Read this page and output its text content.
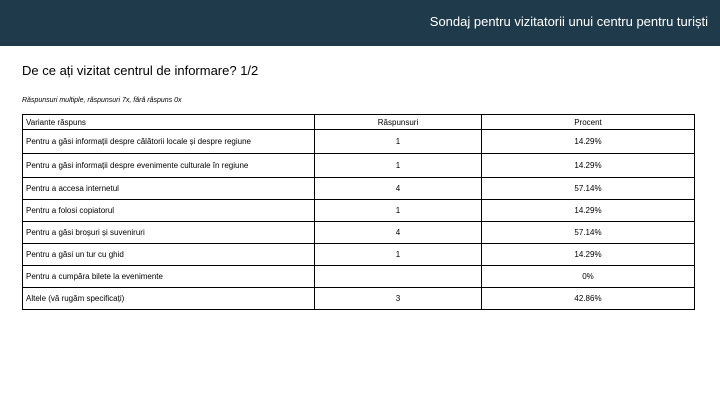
Sondaj pentru vizitatorii unui centru pentru turiști
De ce ați vizitat centrul de informare? 1/2
Răspunsuri multiple, răspunsuri 7x, fără răspuns 0x
Variante răspuns	Răspunsuri	Procent
Pentru a găsi informații despre călătorii locale și despre regiune	1	14.29%
Pentru a găsi informații despre evenimente culturale în regiune	1	14.29%
Pentru a accesa internetul	4	57.14%
Pentru a folosi copiatorul	1	14.29%
Pentru a găsi broșuri și suveniruri	4	57.14%
Pentru a găsi un tur cu ghid	1	14.29%
Pentru a cumpăra bilete la evenimente		0%
Altele (vă rugăm specificați)	3	42.86%
